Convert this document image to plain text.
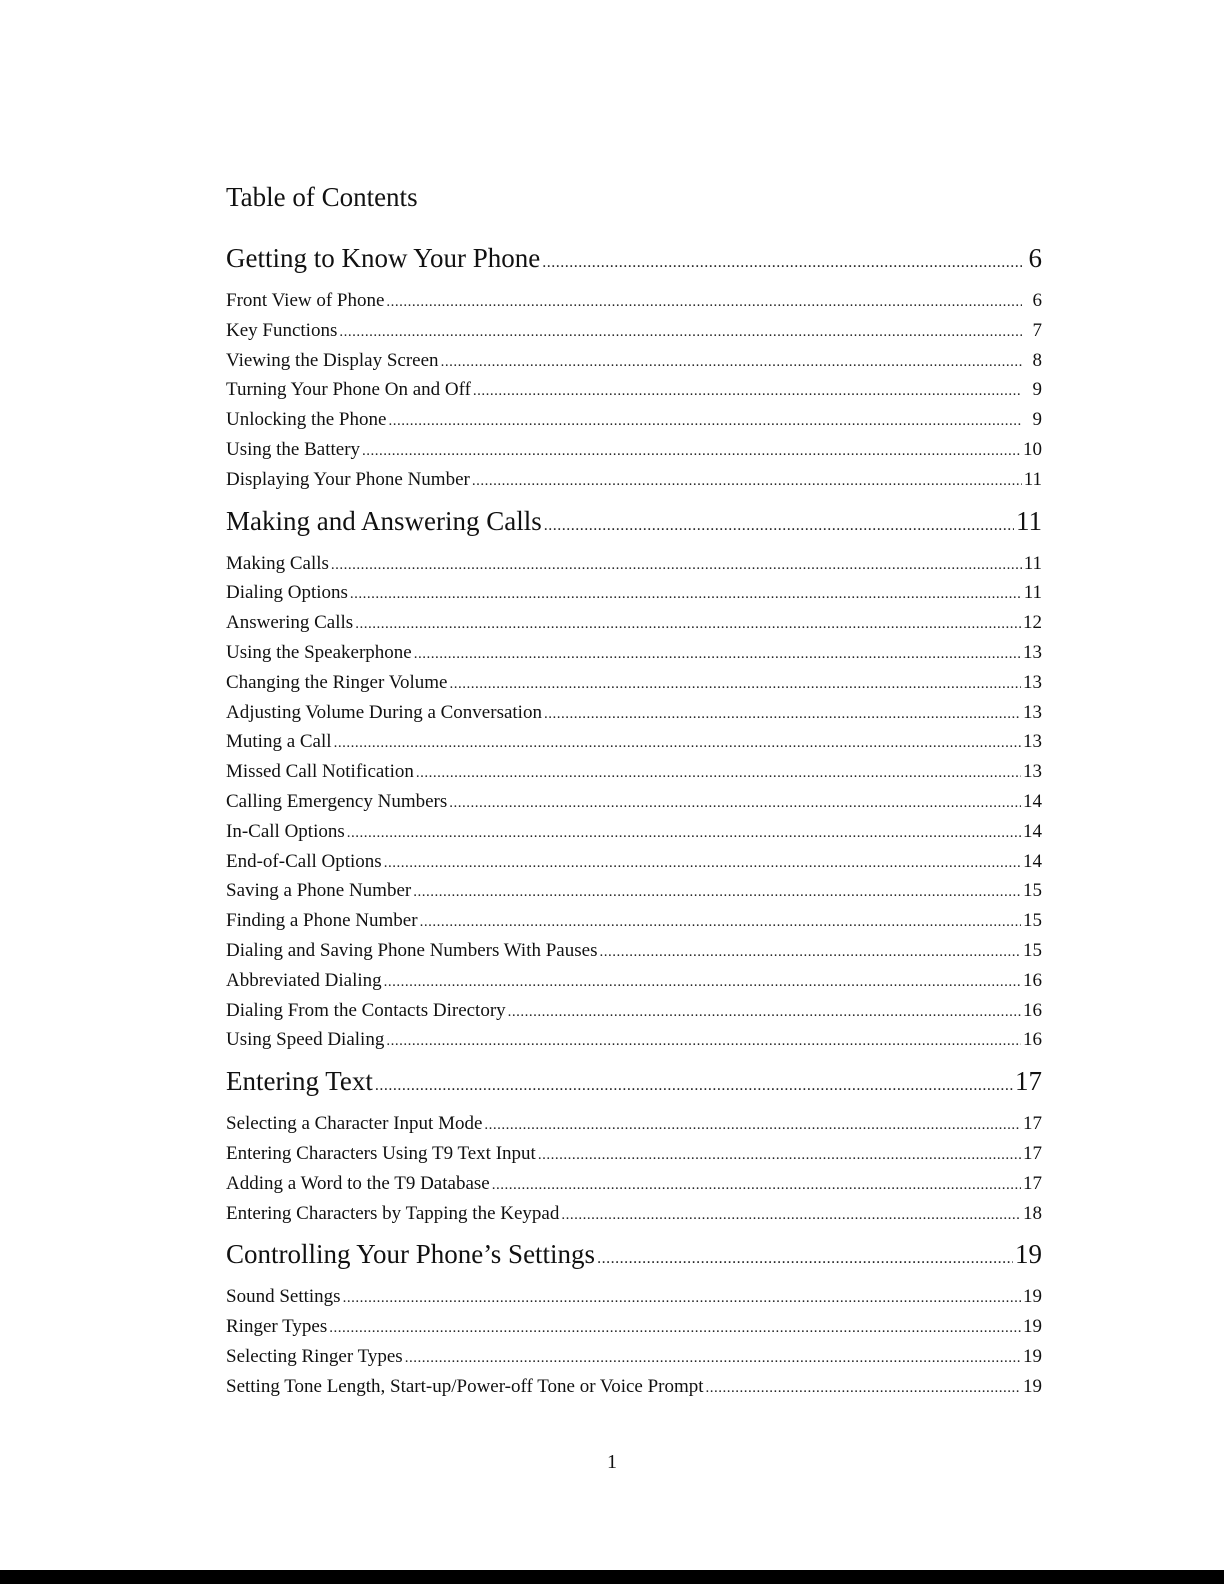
Table of Contents
Getting to Know Your Phone .....	6
Front View of Phone .....	6
Key Functions .....	7
Viewing the Display Screen .....	8
Turning Your Phone On and Off .....	9
Unlocking the Phone .....	9
Using the Battery .....	10
Displaying Your Phone Number .....	11
Making and Answering Calls .....	11
Making Calls .....	11
Dialing Options .....	11
Answering Calls .....	12
Using the Speakerphone .....	13
Changing the Ringer Volume .....	13
Adjusting Volume During a Conversation .....	13
Muting a Call .....	13
Missed Call Notification .....	13
Calling Emergency Numbers .....	14
In-Call Options .....	14
End-of-Call Options .....	14
Saving a Phone Number .....	15
Finding a Phone Number .....	15
Dialing and Saving Phone Numbers With Pauses .....	15
Abbreviated Dialing .....	16
Dialing From the Contacts Directory .....	16
Using Speed Dialing .....	16
Entering Text .....	17
Selecting a Character Input Mode .....	17
Entering Characters Using T9 Text Input .....	17
Adding a Word to the T9 Database .....	17
Entering Characters by Tapping the Keypad .....	18
Controlling Your Phone’s Settings .....	19
Sound Settings .....	19
Ringer Types .....	19
Selecting Ringer Types .....	19
Setting Tone Length, Start-up/Power-off Tone or Voice Prompt .....	19
1
